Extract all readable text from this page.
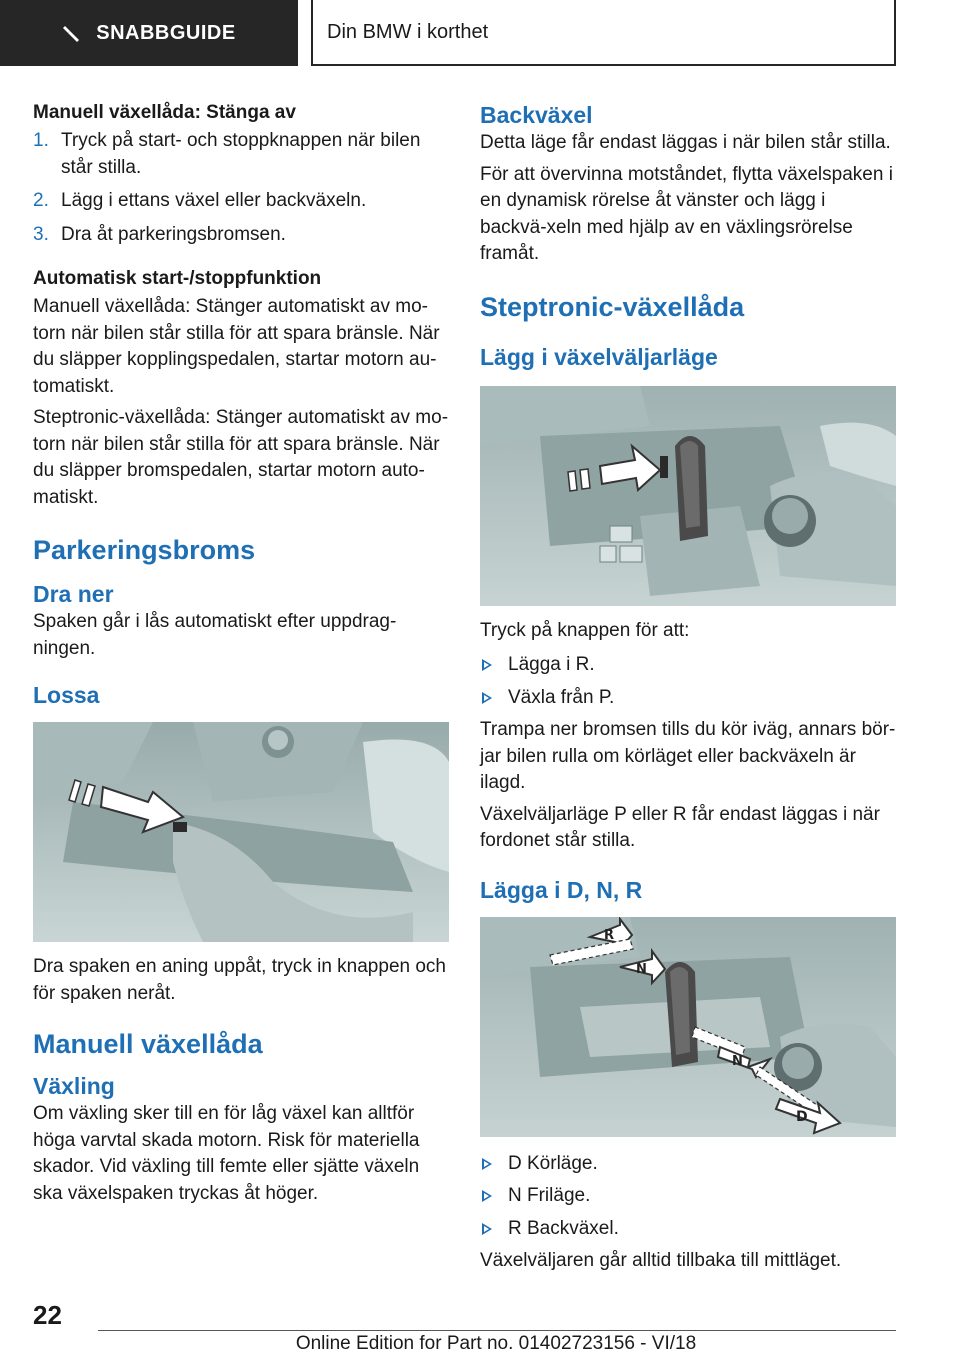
SNABBGUIDE	Din BMW i korthet
Manuell växellåda: Stänga av
1. Tryck på start- och stoppknappen när bilen står stilla.
2. Lägg i ettans växel eller backväxeln.
3. Dra åt parkeringsbromsen.
Automatisk start-/stoppfunktion
Manuell växellåda: Stänger automatiskt av mo-torn när bilen står stilla för att spara bränsle. När du släpper kopplingspedalen, startar motorn au-tomatiskt.
Steptronic-växellåda: Stänger automatiskt av mo-torn när bilen står stilla för att spara bränsle. När du släpper bromspedalen, startar motorn auto-matiskt.
Parkeringsbroms
Dra ner
Spaken går i lås automatiskt efter uppdrag-ningen.
Lossa
Dra spaken en aning uppåt, tryck in knappen och för spaken neråt.
Manuell växellåda
Växling
Om växling sker till en för låg växel kan alltför höga varvtal skada motorn. Risk för materiella skador. Vid växling till femte eller sjätte växeln ska växelspaken tryckas åt höger.
Backväxel
Detta läge får endast läggas i när bilen står stilla.
För att övervinna motståndet, flytta växelspaken i en dynamisk rörelse åt vänster och lägg i backvä-xeln med hjälp av en växlingsrörelse framåt.
Steptronic-växellåda
Lägg i växelväljarläge
Tryck på knappen för att:
Lägga i R.
Växla från P.
Trampa ner bromsen tills du kör iväg, annars bör-jar bilen rulla om körläget eller backväxeln är ilagd.
Växelväljarläge P eller R får endast läggas i när fordonet står stilla.
Lägga i D, N, R
R
N
N
D
D Körläge.
N Friläge.
R Backväxel.
Växelväljaren går alltid tillbaka till mittläget.
22
Online Edition for Part no. 01402723156 - VI/18
